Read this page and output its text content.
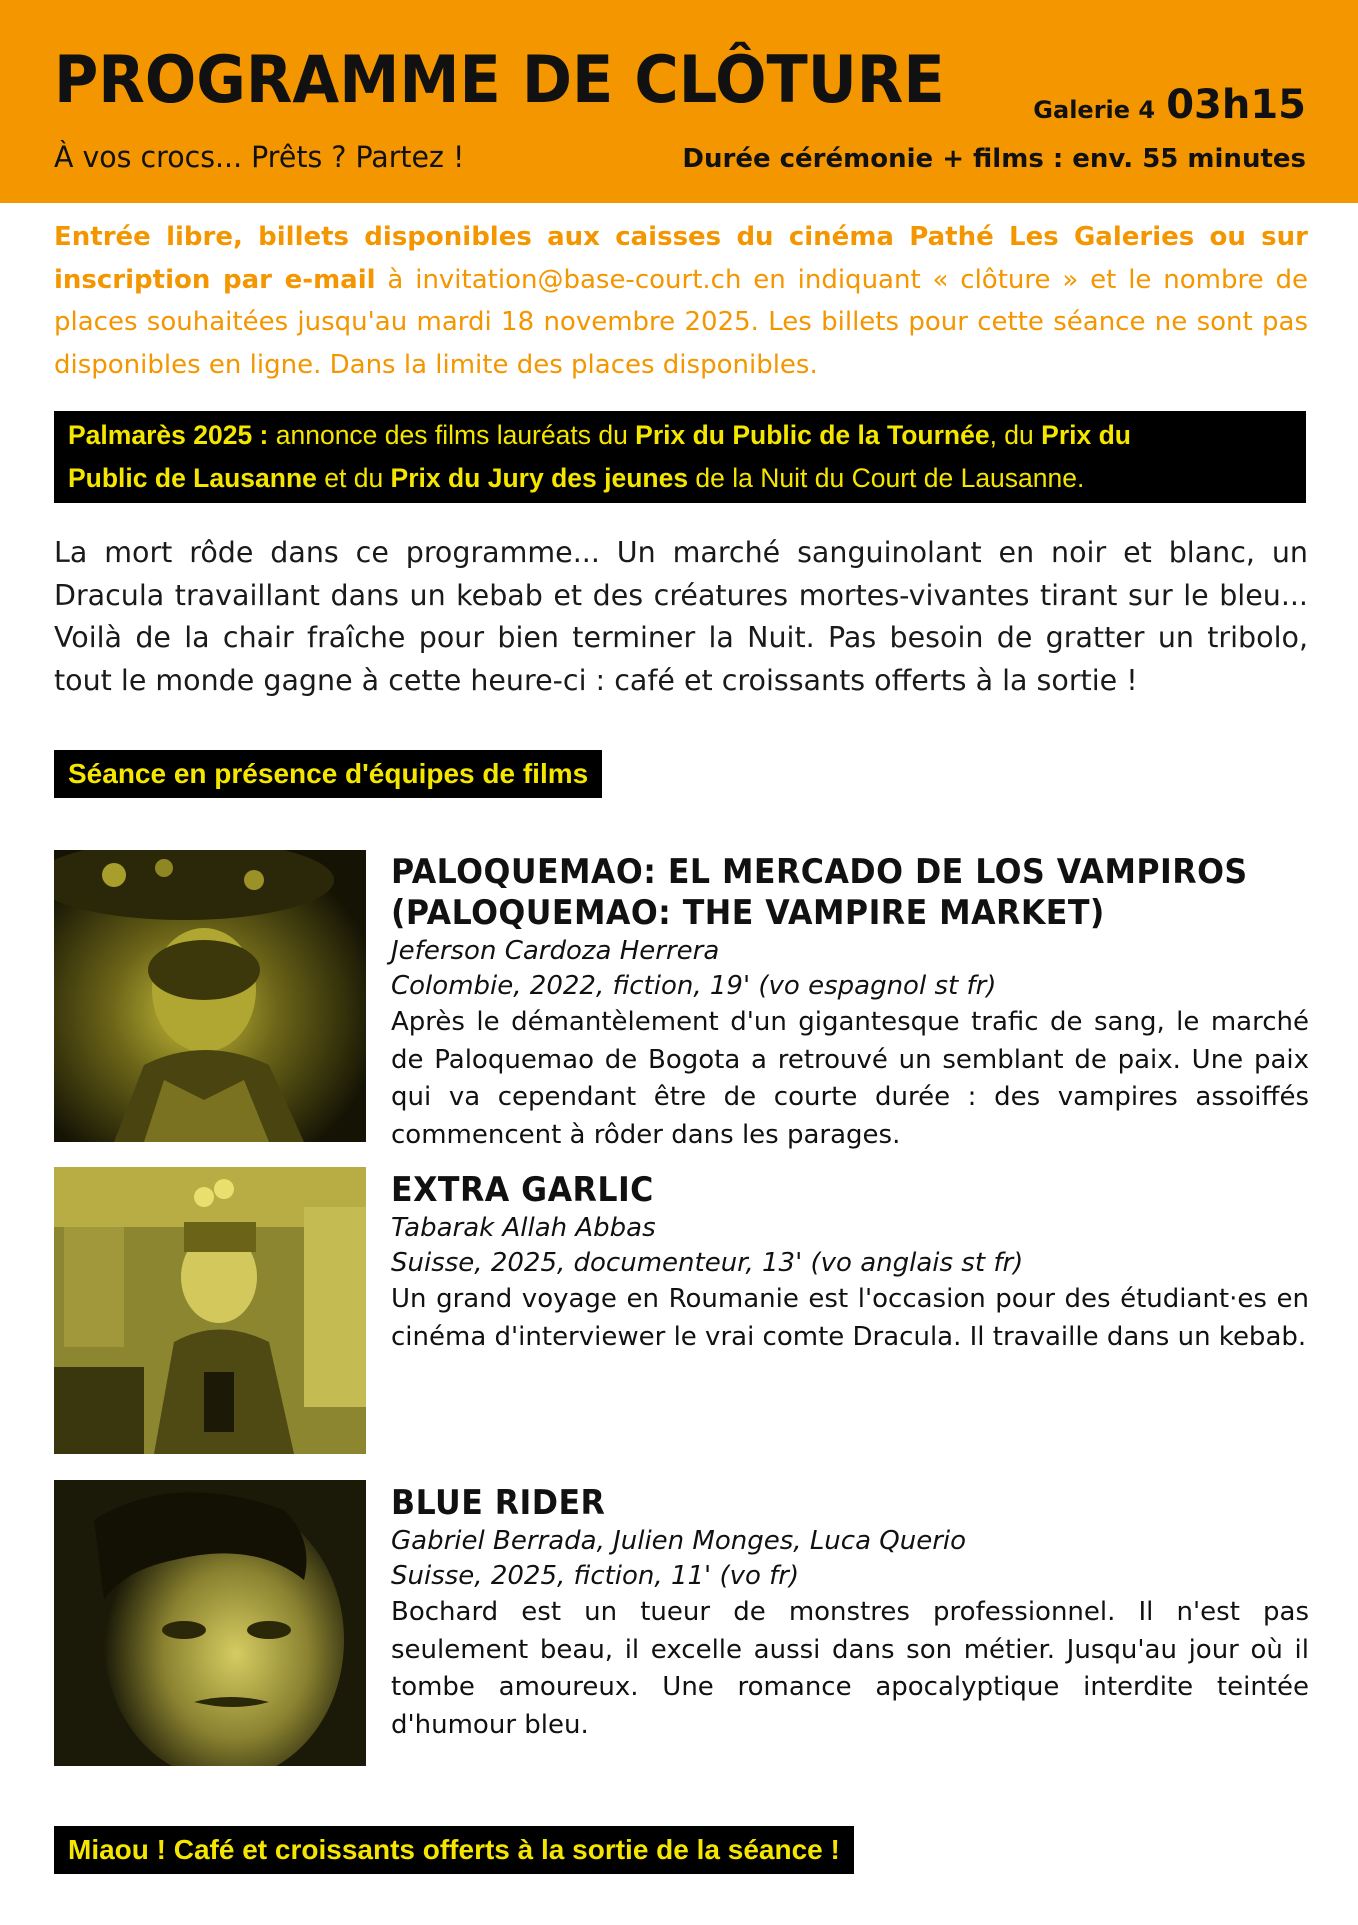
PROGRAMME DE CLÔTURE
À vos crocs... Prêts ? Partez !
Galerie 4 03h15
Durée cérémonie + films : env. 55 minutes
Entrée libre, billets disponibles aux caisses du cinéma Pathé Les Galeries ou sur inscription par e-mail à invitation@base-court.ch en indiquant « clôture » et le nombre de places souhaitées jusqu'au mardi 18 novembre 2025. Les billets pour cette séance ne sont pas disponibles en ligne. Dans la limite des places disponibles.
Palmarès 2025 : annonce des films lauréats du Prix du Public de la Tournée, du Prix du
Public de Lausanne et du Prix du Jury des jeunes de la Nuit du Court de Lausanne.
La mort rôde dans ce programme... Un marché sanguinolant en noir et blanc, un Dracula travaillant dans un kebab et des créatures mortes-vivantes tirant sur le bleu... Voilà de la chair fraîche pour bien terminer la Nuit. Pas besoin de gratter un tribolo, tout le monde gagne à cette heure-ci : café et croissants offerts à la sortie !
Séance en présence d'équipes de films
PALOQUEMAO: EL MERCADO DE LOS VAMPIROS
(PALOQUEMAO: THE VAMPIRE MARKET)
Jeferson Cardoza Herrera
Colombie, 2022, fiction, 19' (vo espagnol st fr)
Après le démantèlement d'un gigantesque trafic de sang, le marché de Paloquemao de Bogota a retrouvé un semblant de paix. Une paix qui va cependant être de courte durée : des vampires assoiffés commencent à rôder dans les parages.
EXTRA GARLIC
Tabarak Allah Abbas
Suisse, 2025, documenteur, 13' (vo anglais st fr)
Un grand voyage en Roumanie est l'occasion pour des étudiant·es en cinéma d'interviewer le vrai comte Dracula. Il travaille dans un kebab.
BLUE RIDER
Gabriel Berrada, Julien Monges, Luca Querio
Suisse, 2025, fiction, 11' (vo fr)
Bochard est un tueur de monstres professionnel. Il n'est pas seulement beau, il excelle aussi dans son métier. Jusqu'au jour où il tombe amoureux. Une romance apocalyptique interdite teintée d'humour bleu.
Miaou ! Café et croissants offerts à la sortie de la séance !
